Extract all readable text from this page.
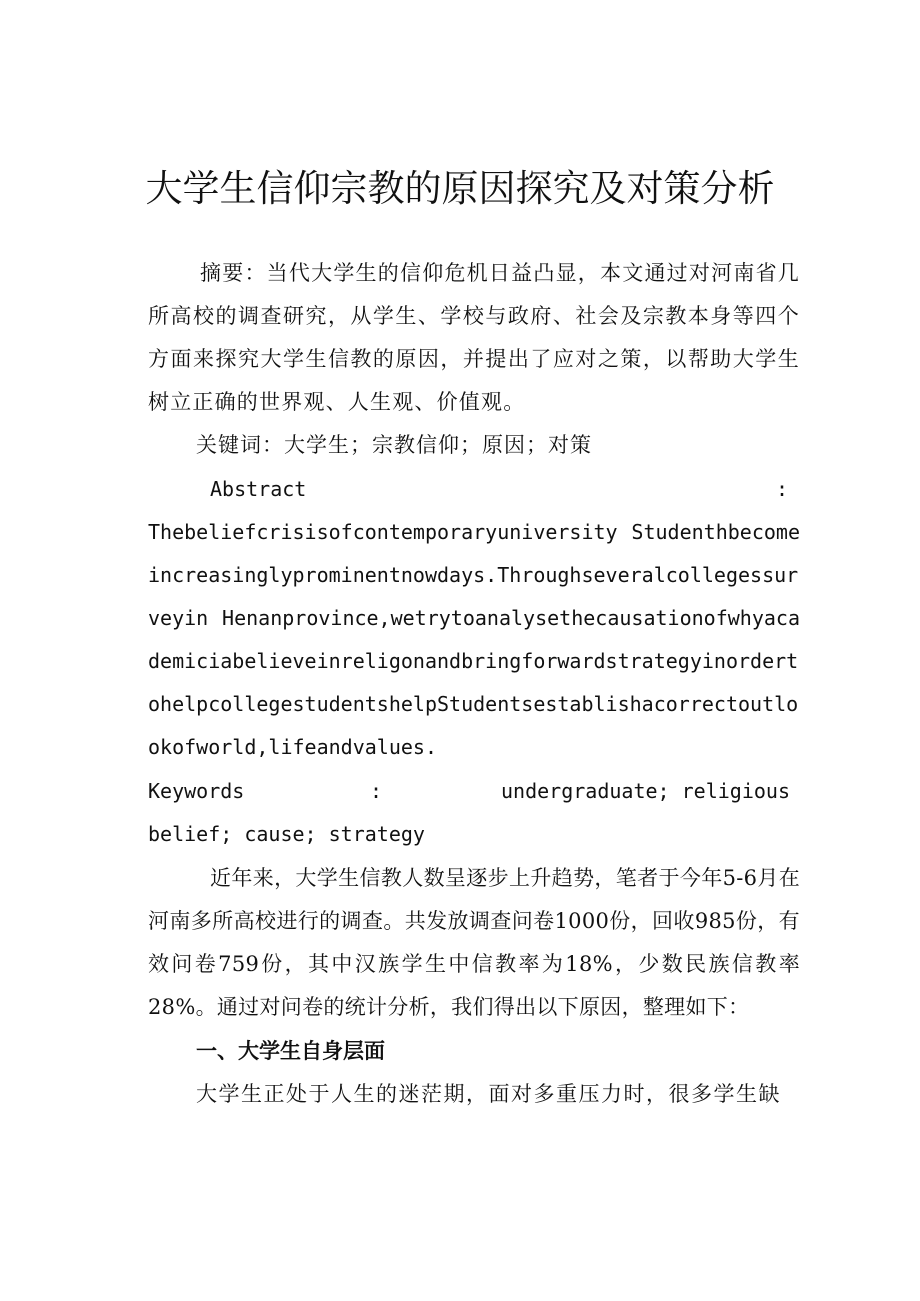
大学生信仰宗教的原因探究及对策分析
摘要：当代大学生的信仰危机日益凸显，本文通过对河南省几所高校的调查研究，从学生、学校与政府、社会及宗教本身等四个方面来探究大学生信教的原因，并提出了应对之策，以帮助大学生树立正确的世界观、人生观、价值观。
关键词：大学生；宗教信仰；原因；对策
Abstract	:
Thebeliefcrisisofcontemporaryuniversity Studenthbecomeincreasinglyprominentnowdays.Throughseveralcollegessurveyin Henanprovince,wetrytoanalysethecausationofwhyacademiciabelieveinreligonandbringforwardstrategyinordertohelpcollegestudentshelpStudentsestablishacorrectoutlookofworld,lifeandvalues.
Keywords	:	undergraduate; religious
belief; cause; strategy
近年来，大学生信教人数呈逐步上升趋势，笔者于今年5-6月在河南多所高校进行的调查。共发放调查问卷1000份，回收985份，有效问卷759份，其中汉族学生中信教率为18%，少数民族信教率28%。通过对问卷的统计分析，我们得出以下原因，整理如下：
一、大学生自身层面
大学生正处于人生的迷茫期，面对多重压力时，很多学生缺
